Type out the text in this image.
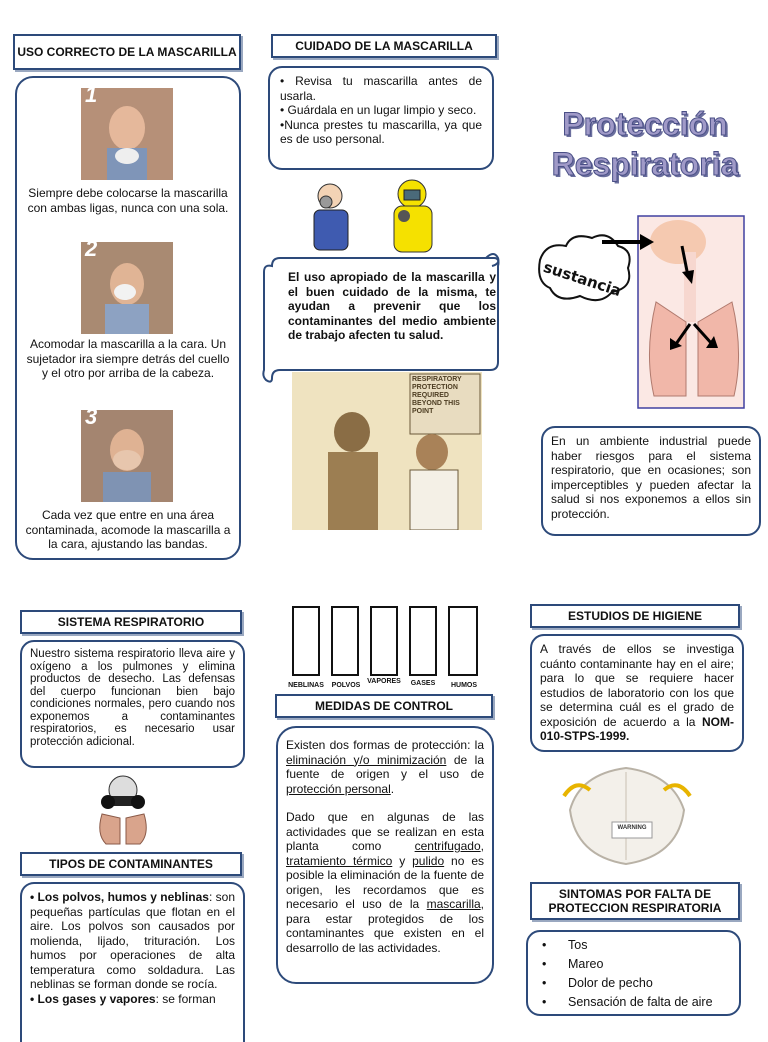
Protección
Respiratoria
USO CORRECTO DE LA MASCARILLA
1
Siempre debe colocarse la mascarilla con ambas ligas, nunca con una sola.
2
Acomodar la mascarilla a la cara. Un sujetador ira siempre detrás del cuello y el otro por arriba de la cabeza.
3
Cada vez que entre en una área contaminada, acomode la mascarilla a la cara, ajustando las bandas.
CUIDADO DE LA MASCARILLA
• Revisa tu mascarilla antes de usarla.
• Guárdala en un lugar limpio y seco.
•Nunca prestes tu mascarilla, ya que es de uso personal.
El uso apropiado de la mascarilla y el buen cuidado de la misma, te ayudan a prevenir que los contaminantes del medio ambiente de trabajo afecten tu salud.
RESPIRATORY PROTECTION REQUIRED BEYOND THIS POINT
sustancia
En un ambiente industrial puede haber riesgos para el sistema respiratorio, que en ocasiones; son imperceptibles y pueden afectar la salud si nos exponemos a ellos sin protección.
SISTEMA RESPIRATORIO
Nuestro sistema respiratorio lleva aire y oxígeno a los pulmones y elimina productos de desecho. Las defensas del cuerpo funcionan bien bajo condiciones normales, pero cuando nos exponemos a contaminantes respiratorios, es necesario usar protección adicional.
TIPOS DE CONTAMINANTES
• Los polvos, humos y neblinas: son pequeñas partículas que flotan en el aire. Los polvos son causados por molienda, lijado, trituración. Los humos por operaciones de alta temperatura como soldadura. Las neblinas se forman donde se rocía.
• Los gases y vapores: se forman
NEBLINAS	POLVOS
VAPORES	GASES	HUMOS
MEDIDAS DE CONTROL
Existen dos formas de protección: la eliminación y/o minimización de la fuente de origen y el uso de protección personal.
Dado que en algunas de las actividades que se realizan en esta planta como centrifugado, tratamiento térmico y pulido no es posible la eliminación de la fuente de origen, les recordamos que es necesario el uso de la mascarilla, para estar protegidos de los contaminantes que existen en el desarrollo de las actividades.
ESTUDIOS DE HIGIENE
A través de ellos se investiga cuánto contaminante hay en el aire; para lo que se requiere hacer estudios de laboratorio con los que se determina cuál es el grado de exposición de acuerdo a la NOM-010-STPS-1999.
WARNING
SINTOMAS POR FALTA DE PROTECCION RESPIRATORIA
• Tos
• Mareo
• Dolor de pecho
• Sensación de falta de aire
